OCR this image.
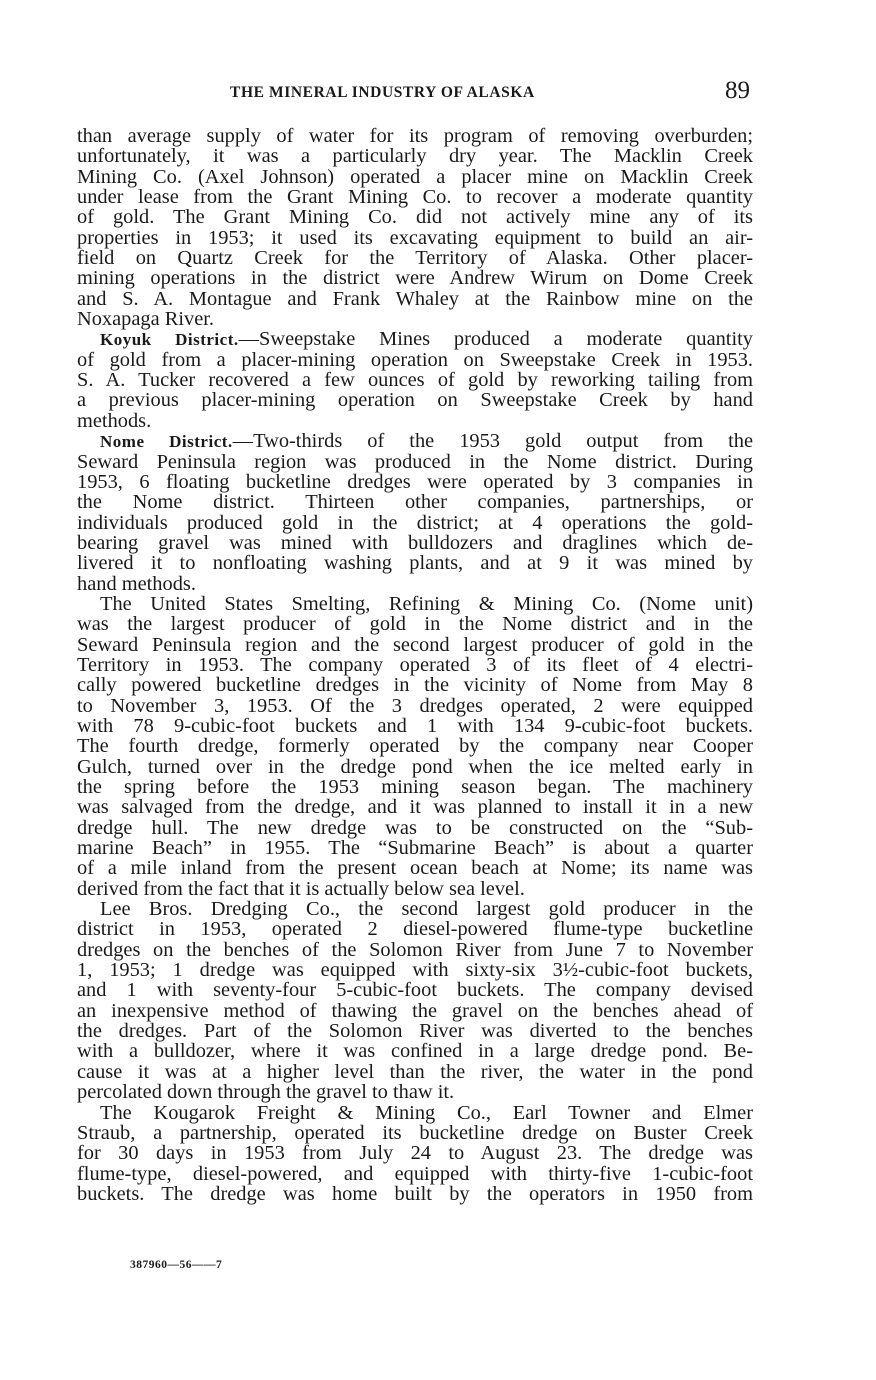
THE MINERAL INDUSTRY OF ALASKA	89
than average supply of water for its program of removing overburden;
unfortunately, it was a particularly dry year. The Macklin Creek
Mining Co. (Axel Johnson) operated a placer mine on Macklin Creek
under lease from the Grant Mining Co. to recover a moderate quantity
of gold. The Grant Mining Co. did not actively mine any of its
properties in 1953; it used its excavating equipment to build an air-
field on Quartz Creek for the Territory of Alaska. Other placer-
mining operations in the district were Andrew Wirum on Dome Creek
and S. A. Montague and Frank Whaley at the Rainbow mine on the
Noxapaga River.
Koyuk District.—Sweepstake Mines produced a moderate quantity
of gold from a placer-mining operation on Sweepstake Creek in 1953.
S. A. Tucker recovered a few ounces of gold by reworking tailing from
a previous placer-mining operation on Sweepstake Creek by hand
methods.
Nome District.—Two-thirds of the 1953 gold output from the
Seward Peninsula region was produced in the Nome district. During
1953, 6 floating bucketline dredges were operated by 3 companies in
the Nome district. Thirteen other companies, partnerships, or
individuals produced gold in the district; at 4 operations the gold-
bearing gravel was mined with bulldozers and draglines which de-
livered it to nonfloating washing plants, and at 9 it was mined by
hand methods.
The United States Smelting, Refining & Mining Co. (Nome unit)
was the largest producer of gold in the Nome district and in the
Seward Peninsula region and the second largest producer of gold in the
Territory in 1953. The company operated 3 of its fleet of 4 electri-
cally powered bucketline dredges in the vicinity of Nome from May 8
to November 3, 1953. Of the 3 dredges operated, 2 were equipped
with 78 9-cubic-foot buckets and 1 with 134 9-cubic-foot buckets.
The fourth dredge, formerly operated by the company near Cooper
Gulch, turned over in the dredge pond when the ice melted early in
the spring before the 1953 mining season began. The machinery
was salvaged from the dredge, and it was planned to install it in a new
dredge hull. The new dredge was to be constructed on the “Sub-
marine Beach” in 1955. The “Submarine Beach” is about a quarter
of a mile inland from the present ocean beach at Nome; its name was
derived from the fact that it is actually below sea level.
Lee Bros. Dredging Co., the second largest gold producer in the
district in 1953, operated 2 diesel-powered flume-type bucketline
dredges on the benches of the Solomon River from June 7 to November
1, 1953; 1 dredge was equipped with sixty-six 3½-cubic-foot buckets,
and 1 with seventy-four 5-cubic-foot buckets. The company devised
an inexpensive method of thawing the gravel on the benches ahead of
the dredges. Part of the Solomon River was diverted to the benches
with a bulldozer, where it was confined in a large dredge pond. Be-
cause it was at a higher level than the river, the water in the pond
percolated down through the gravel to thaw it.
The Kougarok Freight & Mining Co., Earl Towner and Elmer
Straub, a partnership, operated its bucketline dredge on Buster Creek
for 30 days in 1953 from July 24 to August 23. The dredge was
flume-type, diesel-powered, and equipped with thirty-five 1-cubic-foot
buckets. The dredge was home built by the operators in 1950 from
387960—56——7
